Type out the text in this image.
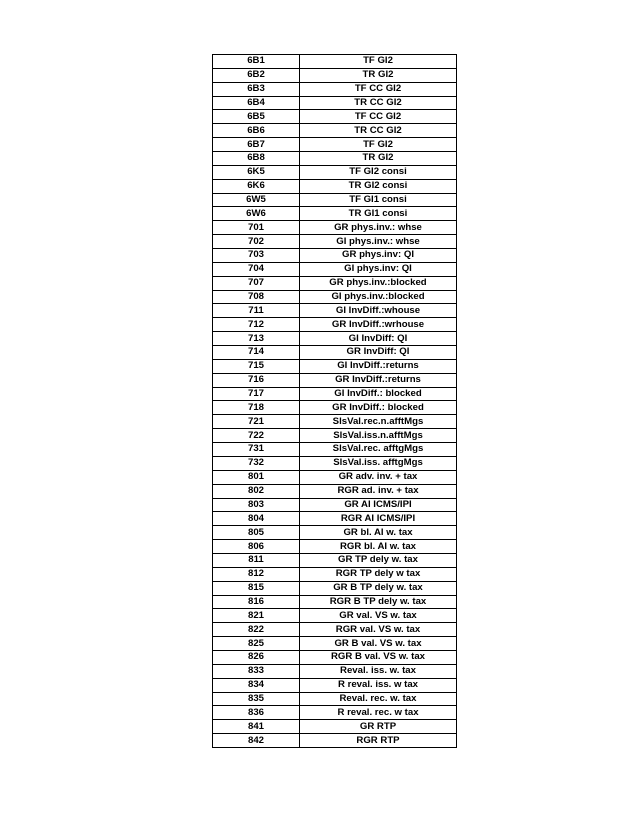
6B1	TF GI2
6B2	TR GI2
6B3	TF CC GI2
6B4	TR CC GI2
6B5	TF CC GI2
6B6	TR CC GI2
6B7	TF GI2
6B8	TR GI2
6K5	TF GI2 consi
6K6	TR GI2 consi
6W5	TF GI1 consi
6W6	TR GI1 consi
701	GR phys.inv.: whse
702	GI phys.inv.: whse
703	GR phys.inv: QI
704	GI phys.inv: QI
707	GR phys.inv.:blocked
708	GI phys.inv.:blocked
711	GI InvDiff.:whouse
712	GR InvDiff.:wrhouse
713	GI InvDiff: QI
714	GR InvDiff: QI
715	GI InvDiff.:returns
716	GR InvDiff.:returns
717	GI InvDiff.: blocked
718	GR InvDiff.: blocked
721	SlsVal.rec.n.afftMgs
722	SlsVal.iss.n.afftMgs
731	SlsVal.rec. afftgMgs
732	SlsVal.iss. afftgMgs
801	GR adv. inv. + tax
802	RGR ad. inv. + tax
803	GR AI ICMS/IPI
804	RGR AI ICMS/IPI
805	GR bl. AI w. tax
806	RGR bl. AI w. tax
811	GR TP dely w. tax
812	RGR TP dely w tax
815	GR B TP dely w. tax
816	RGR B TP dely w. tax
821	GR val. VS w. tax
822	RGR val. VS w. tax
825	GR B val. VS w. tax
826	RGR B val. VS w. tax
833	Reval. iss. w. tax
834	R reval. iss. w tax
835	Reval. rec. w. tax
836	R reval. rec. w tax
841	GR RTP
842	RGR RTP
